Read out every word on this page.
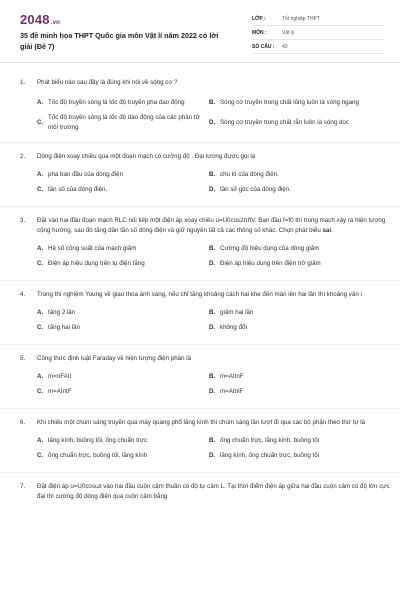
2048.vn
35 đề minh họa THPT Quốc gia môn Vật lí năm 2022 có lời giải (Đề 7)
LỚP :	Tốt nghiệp THPT
MÔN :	Vật lý
SỐ CÂU :	40
1.	Phát biểu nào sau đây là đúng khi nói về sóng cơ ?
A. Tốc độ truyền sóng là tốc độ truyền pha dao động	B. Sóng cơ truyền trong chất lỏng luôn là sóng ngang
C.
Tốc độ truyền sóng là tốc độ dao động của các phần tử môi trường
D. Sóng cơ truyền trong chất rắn luôn là sóng dọc
2.	Dòng điện xoay chiều qua một đoạn mạch có cường độ . Đại lượng được gọi là
A. pha ban đầu của dòng điện	B. chu kì của dòng điện.
C. tần số của dòng điện.	D. tần số góc của dòng điện.
3.	Đặt vào hai đầu đoạn mạch RLC nối tiếp một điện áp xoay chiều u=U0cos2πftV. Ban đầu f=f0 thì trong mạch xảy ra hiện tượng cộng hưởng, sau đó tăng dần tần số dòng điện và giữ nguyên tất cả các thông số khác. Chọn phát biểu sai.
A. Hệ số công suất của mạch giảm	B. Cường độ hiệu dụng của dòng giảm
C. Điện áp hiệu dụng trên tụ điện tăng	D. Điện áp hiệu dụng trên điện trở giảm
4.	Trong thí nghiệm Young về giao thoa ánh sáng, nếu chỉ tăng khoảng cách hai khe đến màn lên hai lần thì khoảng vân i
A. tăng 2 lần	B. giảm hai lần
C. tăng hai lần	D. không đổi
5.	Công thức định luật Faraday về hiện tượng điện phân là
A. m=nFAIt	B. m=AItnF
C. m=AIntF	D. m=AtnIF
6.	Khi chiếu một chùm sáng truyền qua máy quang phổ lăng kính thì chùm sáng lần lượt đi qua các bộ phận theo thứ tự là
A. lăng kính, buồng tối, ống chuẩn trực	B. ống chuẩn trực, lăng kính, buồng tối
C. ống chuẩn trực, buồng tối, lăng kính	D. lăng kính, ống chuẩn trực, buồng tối
7.	Đặt điện áp u=U0cosωt vào hai đầu cuộn cảm thuần có độ tự cảm L. Tại thời điểm điện áp giữa hai đầu cuộn cảm có độ lớn cực đại thì cường độ dòng điện qua cuộn cảm bằng
